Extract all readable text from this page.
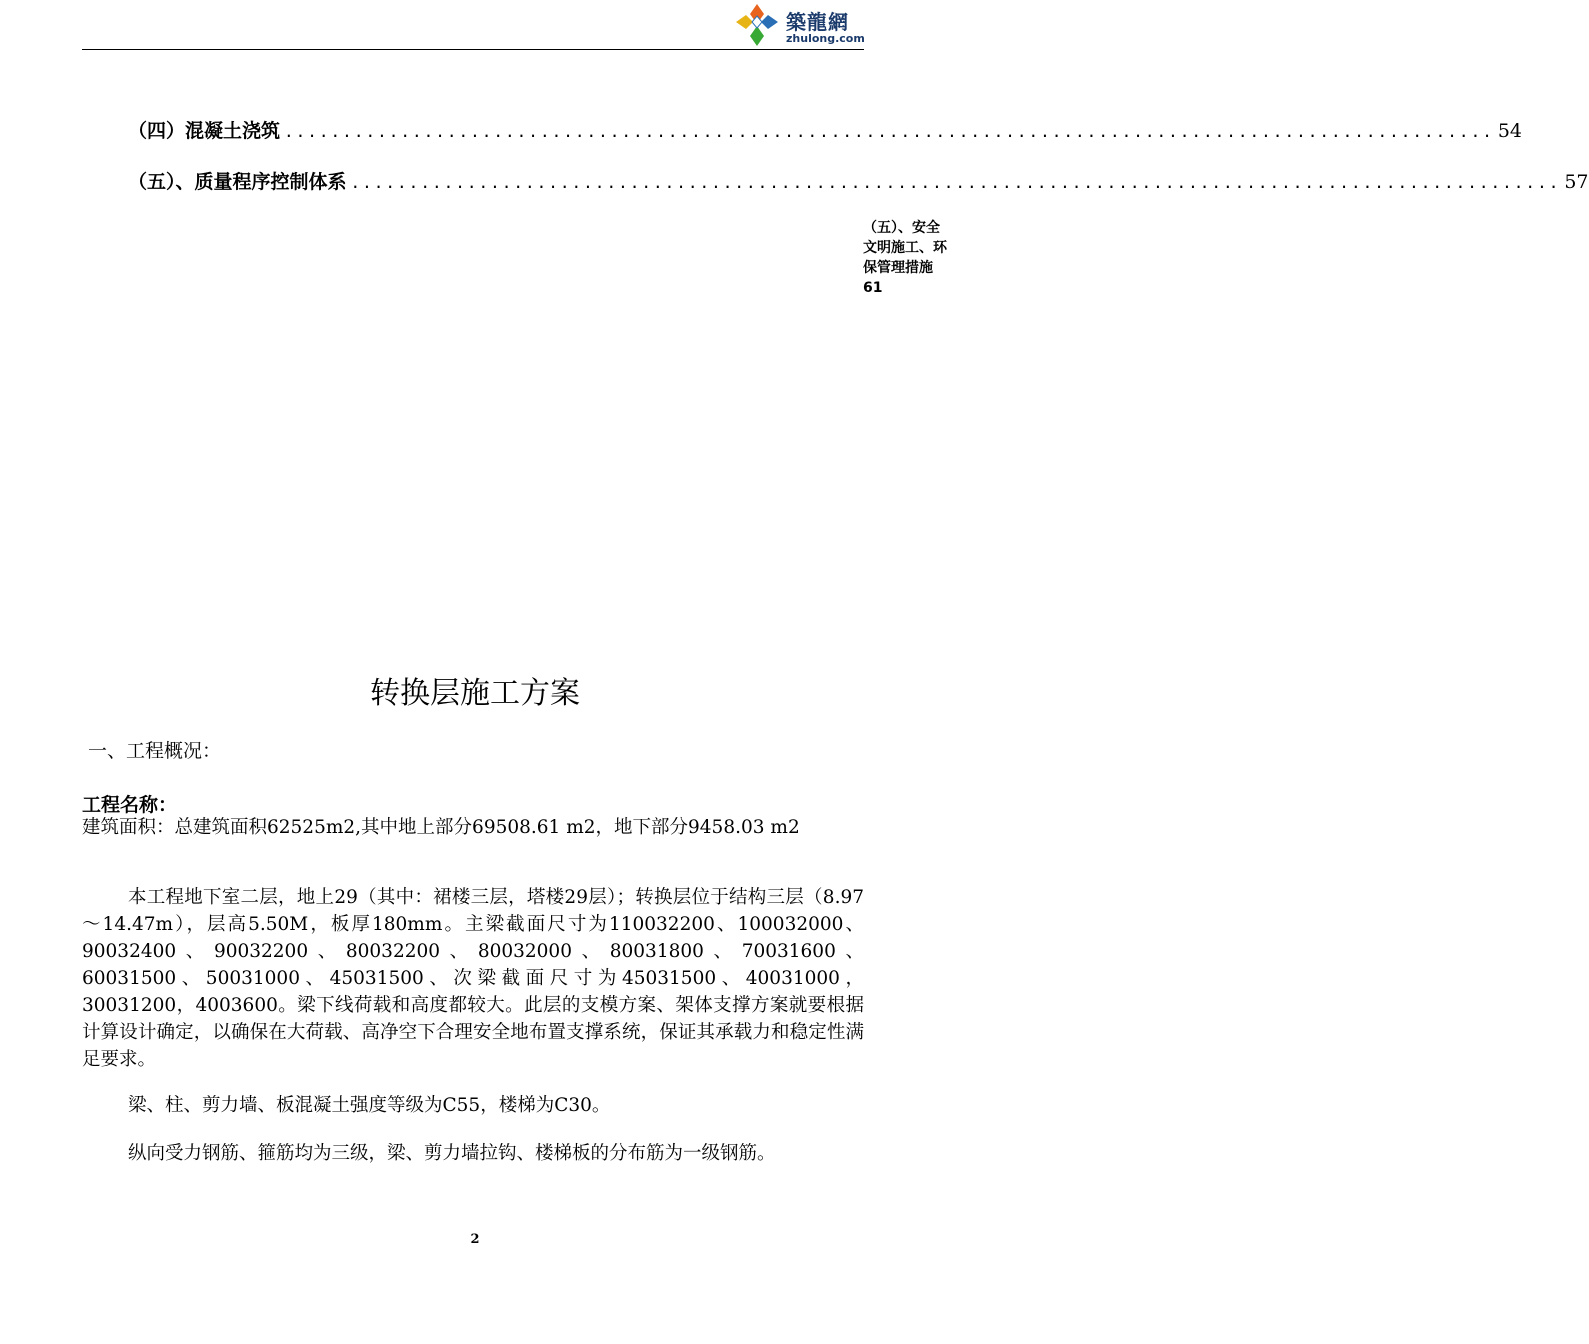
築龍網
zhulong.com
（四）混凝土浇筑 ........................................................................................................ 54
（五）、质量程序控制体系 ........................................................................................................ 57
（五）、安全
文明施工、环
保管理措施
61
转换层施工方案
一、工程概况：
工程名称：
建筑面积：总建筑面积62525m2,其中地上部分69508.61 m2，地下部分9458.03 m2
本工程地下室二层，地上29（其中：裙楼三层，塔楼29层）；转换层位于结构三层（8.97～14.47m），层高5.50M，板厚180mm。主梁截面尺寸为110032200、100032000、90032400、90032200、80032200、80032000、80031800、70031600、60031500、50031000、45031500、次梁截面尺寸为45031500、40031000，30031200，4003600。梁下线荷载和高度都较大。此层的支模方案、架体支撑方案就要根据计算设计确定，以确保在大荷载、高净空下合理安全地布置支撑系统，保证其承载力和稳定性满足要求。
梁、柱、剪力墙、板混凝土强度等级为C55，楼梯为C30。
纵向受力钢筋、箍筋均为三级，梁、剪力墙拉钩、楼梯板的分布筋为一级钢筋。
2
